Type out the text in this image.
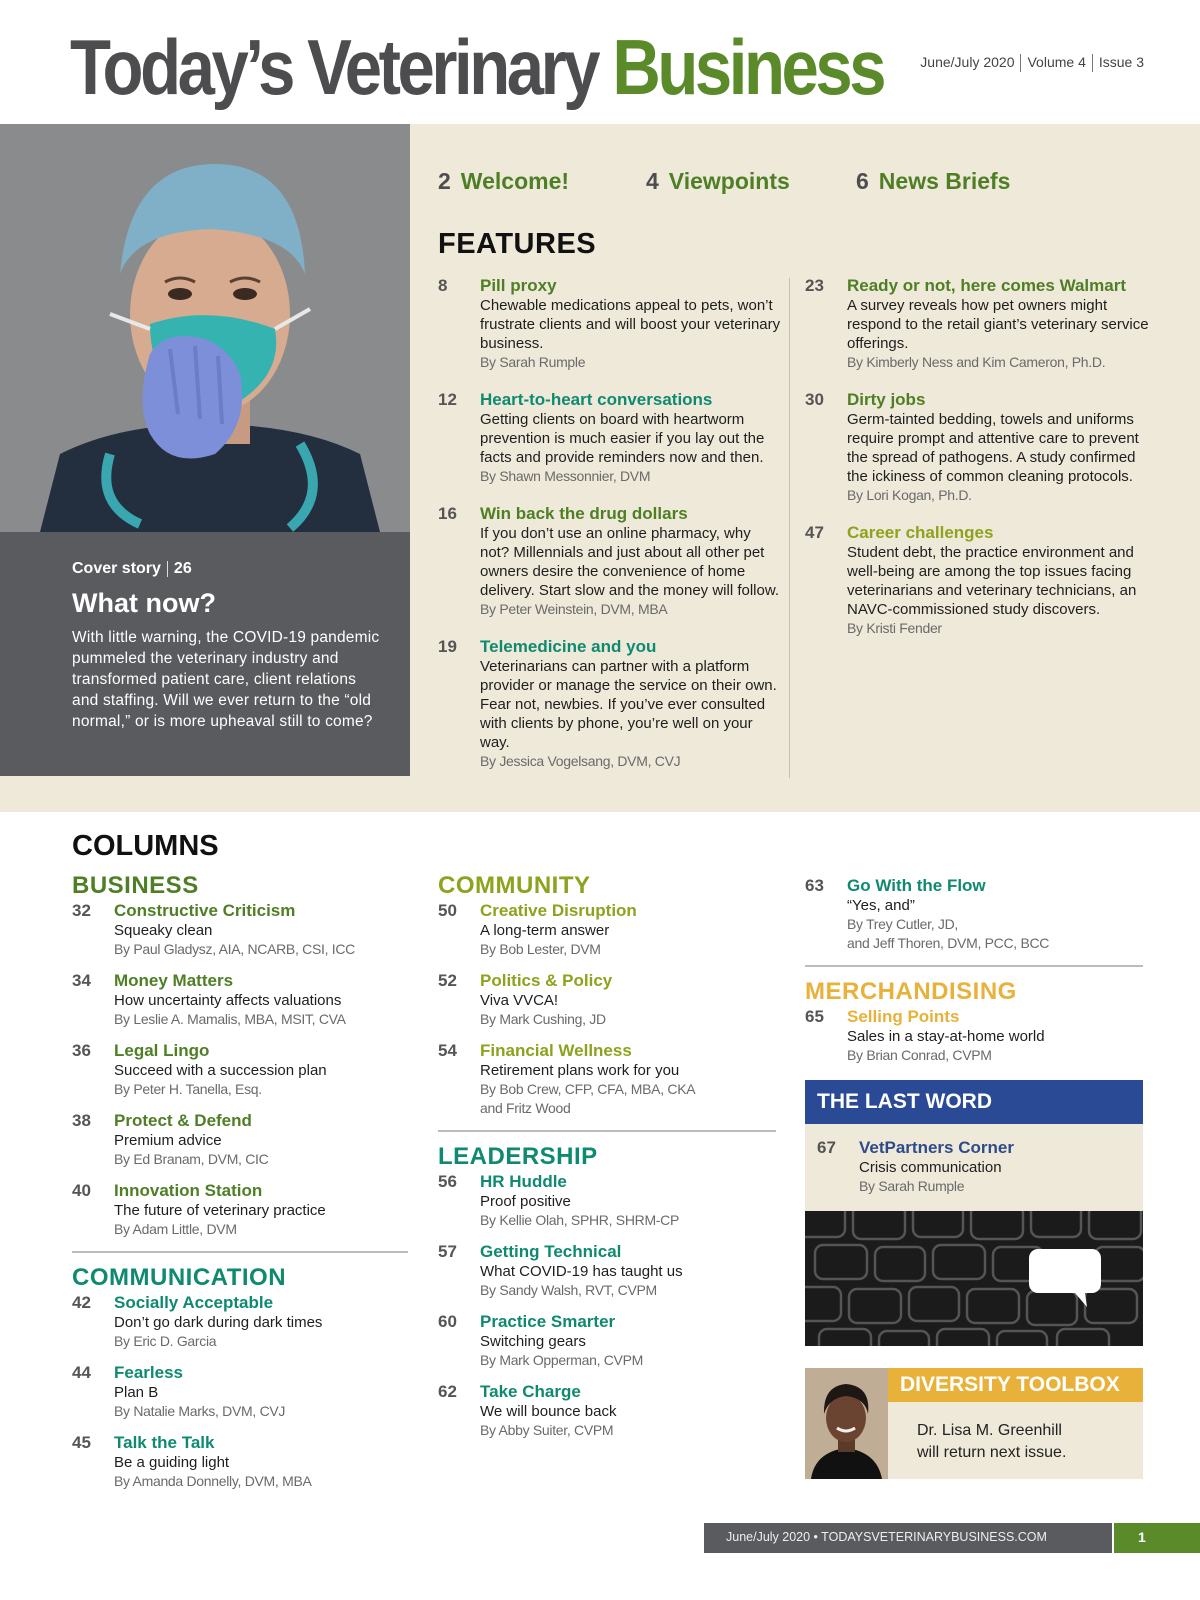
Today’s Veterinary Business	June/July 2020 Volume 4 Issue 3
Cover story 26
What now?
With little warning, the COVID-19 pandemic pummeled the veterinary industry and transformed patient care, client relations and staffing. Will we ever return to the “old normal,” or is more upheaval still to come?
2 Welcome!	4 Viewpoints	6 News Briefs
FEATURES
8 Pill proxy
Chewable medications appeal to pets, won’t frustrate clients and will boost your veterinary business.
By Sarah Rumple
12 Heart-to-heart conversations
Getting clients on board with heartworm prevention is much easier if you lay out the facts and provide reminders now and then.
By Shawn Messonnier, DVM
16 Win back the drug dollars
If you don’t use an online pharmacy, why not? Millennials and just about all other pet owners desire the convenience of home delivery. Start slow and the money will follow.
By Peter Weinstein, DVM, MBA
19 Telemedicine and you
Veterinarians can partner with a platform provider or manage the service on their own. Fear not, newbies. If you’ve ever consulted with clients by phone, you’re well on your way.
By Jessica Vogelsang, DVM, CVJ
23 Ready or not, here comes Walmart
A survey reveals how pet owners might respond to the retail giant’s veterinary service offerings.
By Kimberly Ness and Kim Cameron, Ph.D.
30 Dirty jobs
Germ-tainted bedding, towels and uniforms require prompt and attentive care to prevent the spread of pathogens. A study confirmed the ickiness of common cleaning protocols.
By Lori Kogan, Ph.D.
47 Career challenges
Student debt, the practice environment and well-being are among the top issues facing veterinarians and veterinary technicians, an NAVC-commissioned study discovers.
By Kristi Fender
COLUMNS
BUSINESS
32 Constructive Criticism
Squeaky clean
By Paul Gladysz, AIA, NCARB, CSI, ICC
34 Money Matters
How uncertainty affects valuations
By Leslie A. Mamalis, MBA, MSIT, CVA
36 Legal Lingo
Succeed with a succession plan
By Peter H. Tanella, Esq.
38 Protect & Defend
Premium advice
By Ed Branam, DVM, CIC
40 Innovation Station
The future of veterinary practice
By Adam Little, DVM
COMMUNICATION
42 Socially Acceptable
Don’t go dark during dark times
By Eric D. Garcia
44 Fearless
Plan B
By Natalie Marks, DVM, CVJ
45 Talk the Talk
Be a guiding light
By Amanda Donnelly, DVM, MBA
COMMUNITY
50 Creative Disruption
A long-term answer
By Bob Lester, DVM
52 Politics & Policy
Viva VVCA!
By Mark Cushing, JD
54 Financial Wellness
Retirement plans work for you
By Bob Crew, CFP, CFA, MBA, CKA
and Fritz Wood
LEADERSHIP
56 HR Huddle
Proof positive
By Kellie Olah, SPHR, SHRM-CP
57 Getting Technical
What COVID-19 has taught us
By Sandy Walsh, RVT, CVPM
60 Practice Smarter
Switching gears
By Mark Opperman, CVPM
62 Take Charge
We will bounce back
By Abby Suiter, CVPM
63 Go With the Flow
“Yes, and”
By Trey Cutler, JD,
and Jeff Thoren, DVM, PCC, BCC
MERCHANDISING
65 Selling Points
Sales in a stay-at-home world
By Brian Conrad, CVPM
THE LAST WORD
67 VetPartners Corner
Crisis communication
By Sarah Rumple
DIVERSITY TOOLBOX
Dr. Lisa M. Greenhill
will return next issue.
June/July 2020 • TODAYSVETERINARYBUSINESS.COM	1
